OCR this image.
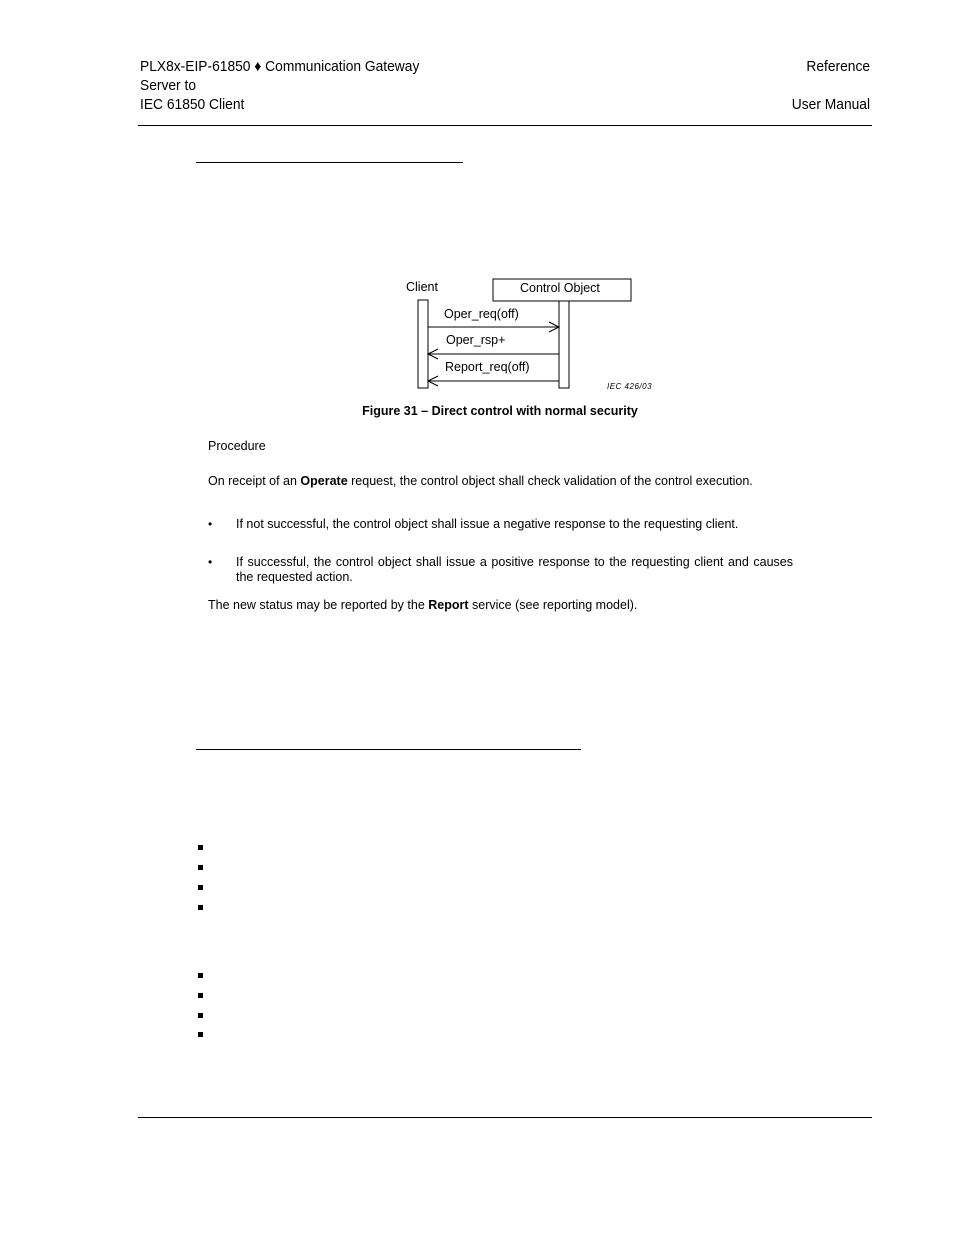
PLX8x-EIP-61850 ♦ Communication Gateway
Server to
IEC 61850 Client
Reference

User Manual
Client	Control Object
Oper_req(off)
Oper_rsp+
Report_req(off)
IEC 426/03
Figure 31 – Direct control with normal security
Procedure
On receipt of an Operate request, the control object shall check validation of the control execution.
• If not successful, the control object shall issue a negative response to the requesting client.
• If successful, the control object shall issue a positive response to the requesting client and causes the requested action.
The new status may be reported by the Report service (see reporting model).
